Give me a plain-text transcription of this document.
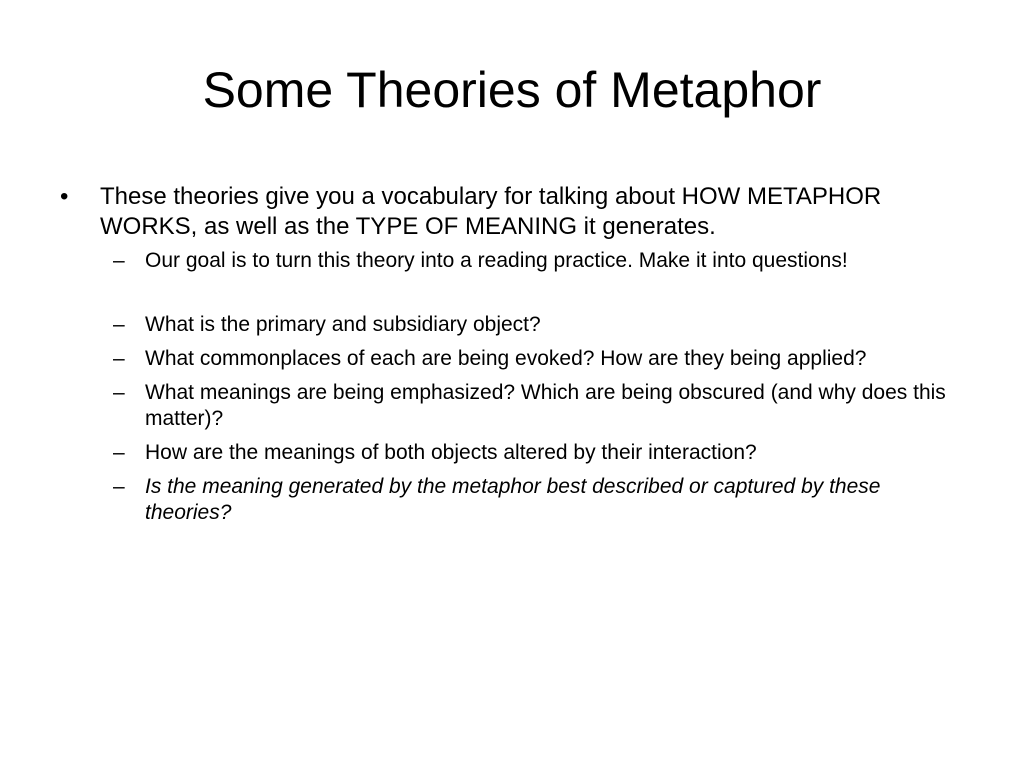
Some Theories of Metaphor
•	These theories give you a vocabulary for talking about HOW METAPHOR WORKS, as well as the TYPE OF MEANING it generates.
– Our goal is to turn this theory into a reading practice. Make it into questions!
– What is the primary and subsidiary object?
– What commonplaces of each are being evoked? How are they being applied?
– What meanings are being emphasized? Which are being obscured (and why does this matter)?
– How are the meanings of both objects altered by their interaction?
– Is the meaning generated by the metaphor best described or captured by these theories?
